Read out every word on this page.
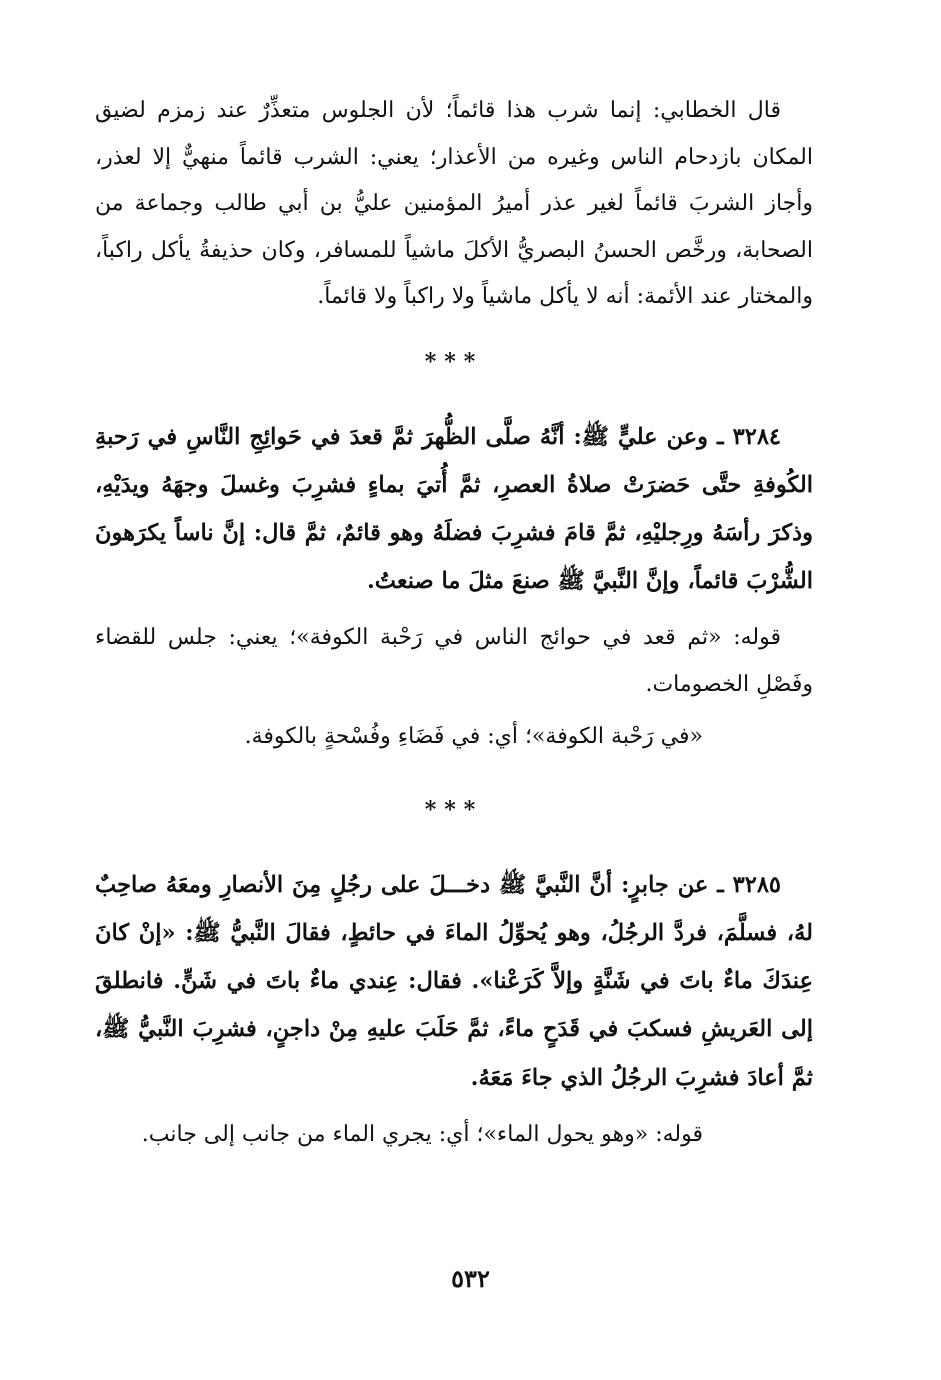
قال الخطابي: إنما شرب هذا قائماً؛ لأن الجلوس متعذِّرٌ عند زمزم لضيق المكان بازدحام الناس وغيره من الأعذار؛ يعني: الشرب قائماً منهيٌّ إلا لعذر، وأجاز الشربَ قائماً لغير عذر أميرُ المؤمنين عليُّ بن أبي طالب وجماعة من الصحابة، ورخَّص الحسنُ البصريُّ الأكلَ ماشياً للمسافر، وكان حذيفةُ يأكل راكباً، والمختار عند الأئمة: أنه لا يأكل ماشياً ولا راكباً ولا قائماً.

***

٣٢٨٤ ـ وعن عليٍّ ﷺ: أنَّهُ صلَّى الظُّهرَ ثمَّ قعدَ في حَوائِجِ النَّاسِ في رَحبةِ الكُوفةِ حتَّى حَضرَتْ صلاةُ العصرِ، ثمَّ أُتيَ بماءٍ فشرِبَ وغسلَ وجهَهُ ويدَيْهِ، وذكرَ رأسَهُ ورِجليْهِ، ثمَّ قامَ فشرِبَ فضلَهُ وهو قائمٌ، ثمَّ قال: إنَّ ناساً يكرَهونَ الشُّرْبَ قائماً، وإنَّ النَّبيَّ ﷺ صنعَ مثلَ ما صنعتُ.

قوله: «ثم قعد في حوائج الناس في رَحْبة الكوفة»؛ يعني: جلس للقضاء وفَصْلِ الخصومات.

«في رَحْبة الكوفة»؛ أي: في فَضَاءِ وفُسْحةٍ بالكوفة.

***

٣٢٨٥ ـ عن جابرٍ: أنَّ النَّبيَّ ﷺ دخـــلَ على رجُلٍ مِنَ الأنصارِ ومعَهُ صاحِبٌ لهُ، فسلَّمَ، فردَّ الرجُلُ، وهو يُحوِّلُ الماءَ في حائطٍ، فقالَ النَّبيُّ ﷺ: «إنْ كانَ عِندَكَ ماءٌ باتَ في شَنَّةٍ وإلاَّ كَرَعْنا». فقال: عِندي ماءٌ باتَ في شَنٍّ. فانطلقَ إلى العَريشِ فسكبَ في قَدَحٍ ماءً، ثمَّ حَلَبَ عليهِ مِنْ داجنٍ، فشرِبَ النَّبيُّ ﷺ، ثمَّ أعادَ فشرِبَ الرجُلُ الذي جاءَ مَعَهُ.

قوله: «وهو يحول الماء»؛ أي: يجري الماء من جانب إلى جانب.

٥٣٢
